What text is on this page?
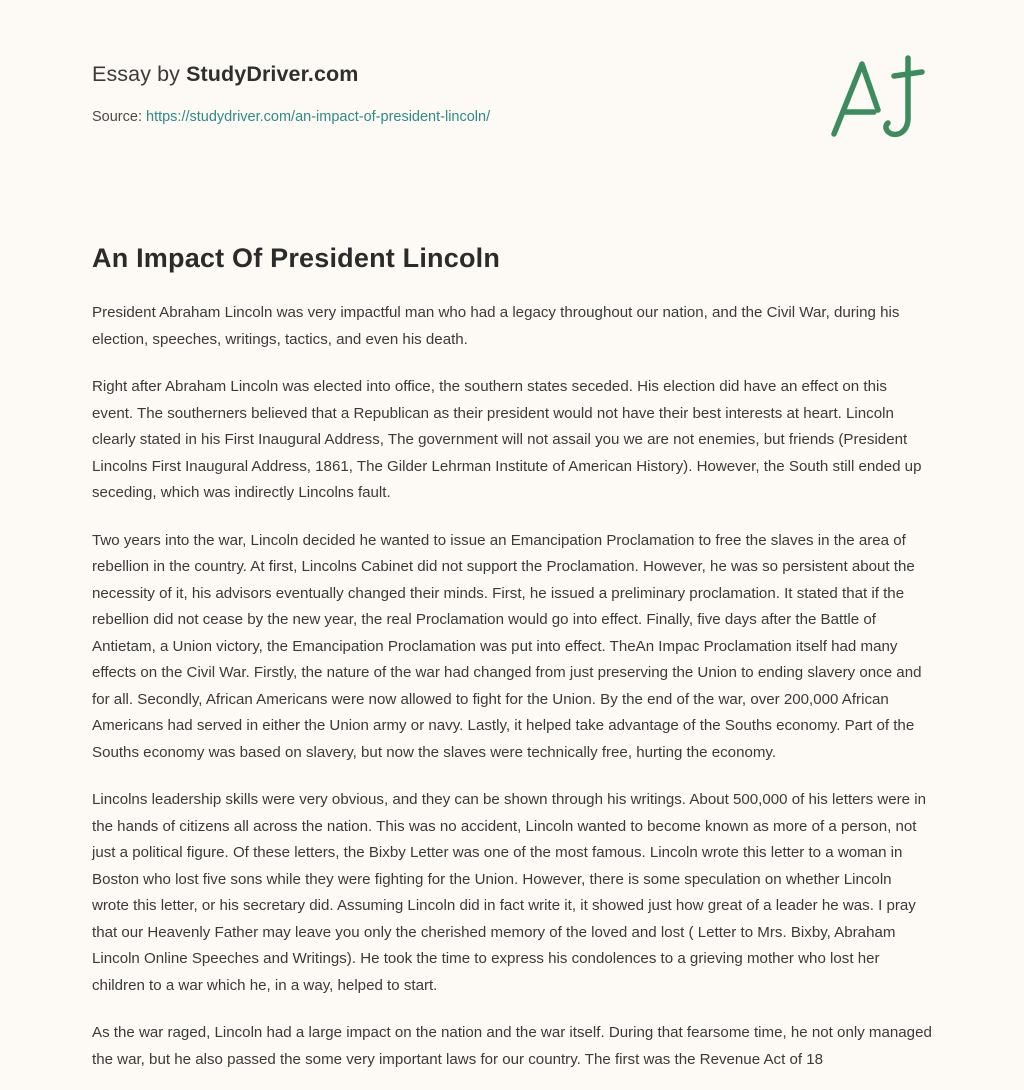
Essay by StudyDriver.com
Source: https://studydriver.com/an-impact-of-president-lincoln/
An Impact Of President Lincoln

President Abraham Lincoln was very impactful man who had a legacy throughout our nation, and the Civil War, during his election, speeches, writings, tactics, and even his death.

Right after Abraham Lincoln was elected into office, the southern states seceded. His election did have an effect on this event. The southerners believed that a Republican as their president would not have their best interests at heart. Lincoln clearly stated in his First Inaugural Address, The government will not assail you we are not enemies, but friends (President Lincolns First Inaugural Address, 1861, The Gilder Lehrman Institute of American History). However, the South still ended up seceding, which was indirectly Lincolns fault.

Two years into the war, Lincoln decided he wanted to issue an Emancipation Proclamation to free the slaves in the area of rebellion in the country. At first, Lincolns Cabinet did not support the Proclamation. However, he was so persistent about the necessity of it, his advisors eventually changed their minds. First, he issued a preliminary proclamation. It stated that if the rebellion did not cease by the new year, the real Proclamation would go into effect. Finally, five days after the Battle of Antietam, a Union victory, the Emancipation Proclamation was put into effect. TheAn Impac Proclamation itself had many effects on the Civil War. Firstly, the nature of the war had changed from just preserving the Union to ending slavery once and for all. Secondly, African Americans were now allowed to fight for the Union. By the end of the war, over 200,000 African Americans had served in either the Union army or navy. Lastly, it helped take advantage of the Souths economy. Part of the Souths economy was based on slavery, but now the slaves were technically free, hurting the economy.

Lincolns leadership skills were very obvious, and they can be shown through his writings. About 500,000 of his letters were in the hands of citizens all across the nation. This was no accident, Lincoln wanted to become known as more of a person, not just a political figure. Of these letters, the Bixby Letter was one of the most famous. Lincoln wrote this letter to a woman in Boston who lost five sons while they were fighting for the Union. However, there is some speculation on whether Lincoln wrote this letter, or his secretary did. Assuming Lincoln did in fact write it, it showed just how great of a leader he was. I pray that our Heavenly Father may leave you only the cherished memory of the loved and lost ( Letter to Mrs. Bixby, Abraham Lincoln Online Speeches and Writings). He took the time to express his condolences to a grieving mother who lost her children to a war which he, in a way, helped to start.

As the war raged, Lincoln had a large impact on the nation and the war itself. During that fearsome time, he not only managed the war, but he also passed the some very important laws for our country. The first was the Revenue Act of 18
